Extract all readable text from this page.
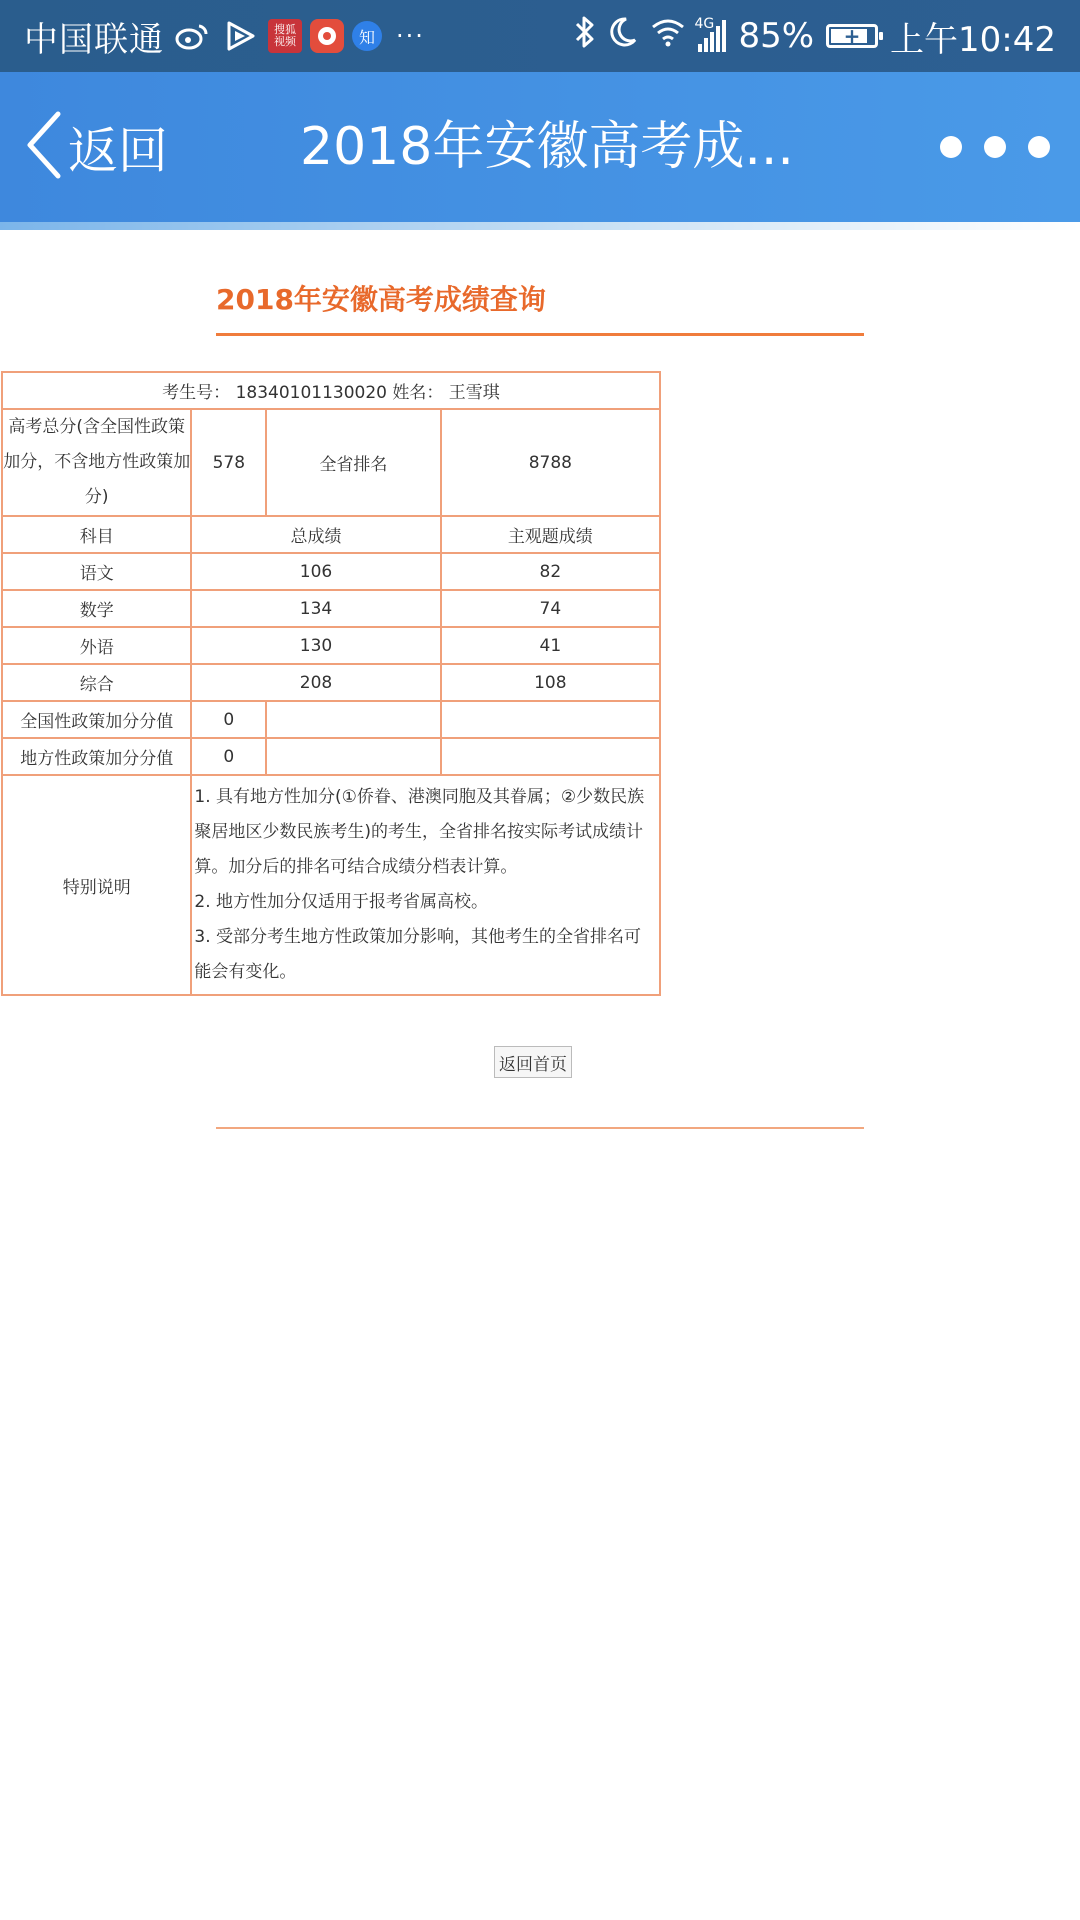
中国联通	搜狐
视频	知 ···	4G 85%	+ 上午10:42
返回	2018年安徽高考成...
2018年安徽高考成绩查询
考生号： 18340101130020 姓名： 王雪琪			
高考总分(含全国性政策加分，不含地方性政策加分)	578	全省排名	8788
科目	总成绩		主观题成绩
语文	106		82
数学	134		74
外语	130		41
综合	208		108
全国性政策加分分值	0		
地方性政策加分分值	0		
特别说明	1. 具有地方性加分(①侨眷、港澳同胞及其眷属；②少数民族聚居地区少数民族考生)的考生，全省排名按实际考试成绩计算。加分后的排名可结合成绩分档表计算。
2. 地方性加分仅适用于报考省属高校。
3. 受部分考生地方性政策加分影响，其他考生的全省排名可能会有变化。		
返回首页
